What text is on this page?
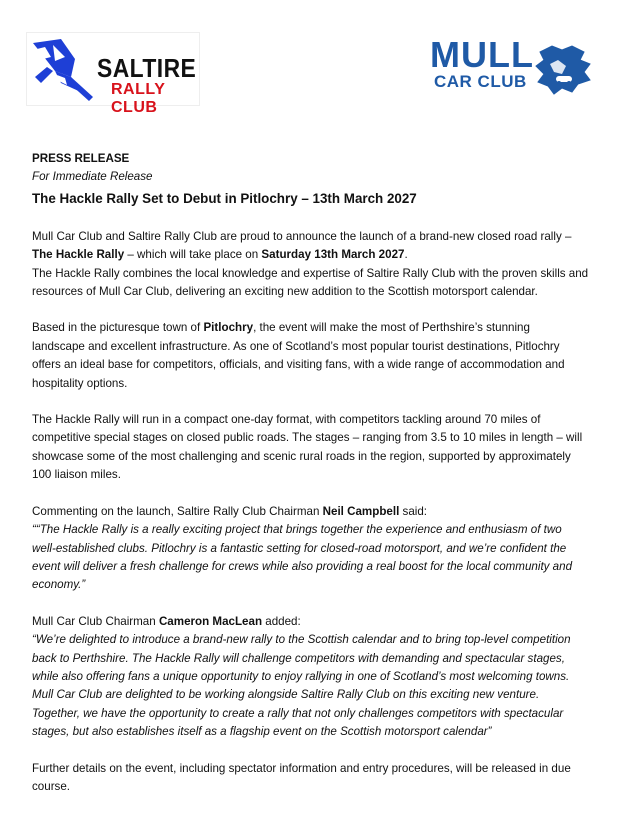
SALTIRE
RALLY CLUB
MULL
CAR CLUB

PRESS RELEASE

For Immediate Release

The Hackle Rally Set to Debut in Pitlochry – 13th March 2027

Mull Car Club and Saltire Rally Club are proud to announce the launch of a brand-new closed road rally –

The Hackle Rally – which will take place on Saturday 13th March 2027.

The Hackle Rally combines the local knowledge and expertise of Saltire Rally Club with the proven skills and

resources of Mull Car Club, delivering an exciting new addition to the Scottish motorsport calendar.

Based in the picturesque town of Pitlochry, the event will make the most of Perthshire’s stunning

landscape and excellent infrastructure. As one of Scotland’s most popular tourist destinations, Pitlochry

offers an ideal base for competitors, officials, and visiting fans, with a wide range of accommodation and

hospitality options.

The Hackle Rally will run in a compact one-day format, with competitors tackling around 70 miles of

competitive special stages on closed public roads. The stages – ranging from 3.5 to 10 miles in length – will

showcase some of the most challenging and scenic rural roads in the region, supported by approximately

100 liaison miles.

Commenting on the launch, Saltire Rally Club Chairman Neil Campbell said:

““The Hackle Rally is a really exciting project that brings together the experience and enthusiasm of two

well-established clubs. Pitlochry is a fantastic setting for closed-road motorsport, and we’re confident the

event will deliver a fresh challenge for crews while also providing a real boost for the local community and

economy.”

Mull Car Club Chairman Cameron MacLean added:

“We’re delighted to introduce a brand-new rally to the Scottish calendar and to bring top-level competition

back to Perthshire. The Hackle Rally will challenge competitors with demanding and spectacular stages,

while also offering fans a unique opportunity to enjoy rallying in one of Scotland’s most welcoming towns.

Mull Car Club are delighted to be working alongside Saltire Rally Club on this exciting new venture.

Together, we have the opportunity to create a rally that not only challenges competitors with spectacular

stages, but also establishes itself as a flagship event on the Scottish motorsport calendar”

Further details on the event, including spectator information and entry procedures, will be released in due

course.
